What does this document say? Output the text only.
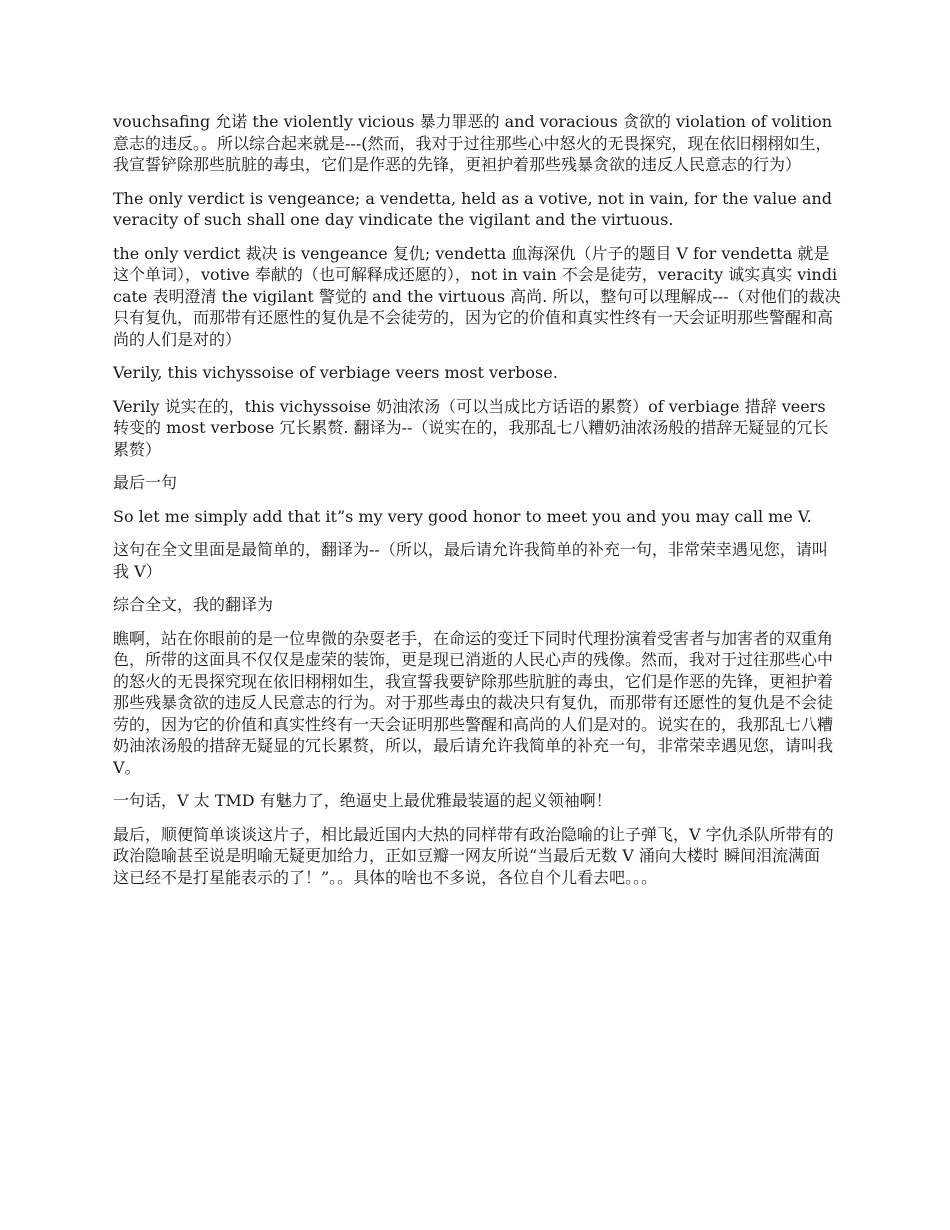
vouchsafing 允诺 the violently vicious 暴力罪恶的 and voracious 贪欲的 violation of volition 意志的违反。。所以综合起来就是---(然而，我对于过往那些心中怒火的无畏探究，现在依旧栩栩如生，我宣誓铲除那些肮脏的毒虫，它们是作恶的先锋，更袒护着那些残暴贪欲的违反人民意志的行为）

The only verdict is vengeance; a vendetta, held as a votive, not in vain, for the value and veracity of such shall one day vindicate the vigilant and the virtuous.

the only verdict 裁决 is vengeance 复仇; vendetta 血海深仇（片子的题目 V for vendetta 就是这个单词），votive 奉献的（也可解释成还愿的），not in vain 不会是徒劳，veracity 诚实真实 vindicate 表明澄清 the vigilant 警觉的 and the virtuous 高尚. 所以，整句可以理解成---（对他们的裁决只有复仇，而那带有还愿性的复仇是不会徒劳的，因为它的价值和真实性终有一天会证明那些警醒和高尚的人们是对的）

Verily, this vichyssoise of verbiage veers most verbose.

Verily 说实在的，this vichyssoise 奶油浓汤（可以当成比方话语的累赘）of verbiage 措辞 veers 转变的 most verbose 冗长累赘. 翻译为--（说实在的，我那乱七八糟奶油浓汤般的措辞无疑显的冗长累赘）

最后一句

So let me simply add that it”s my very good honor to meet you and you may call me V.

这句在全文里面是最简单的，翻译为--（所以，最后请允许我简单的补充一句，非常荣幸遇见您，请叫我 V）

综合全文，我的翻译为

瞧啊，站在你眼前的是一位卑微的杂耍老手，在命运的变迁下同时代理扮演着受害者与加害者的双重角色，所带的这面具不仅仅是虚荣的装饰，更是现已消逝的人民心声的残像。然而，我对于过往那些心中的怒火的无畏探究现在依旧栩栩如生，我宣誓我要铲除那些肮脏的毒虫，它们是作恶的先锋，更袒护着那些残暴贪欲的违反人民意志的行为。对于那些毒虫的裁决只有复仇，而那带有还愿性的复仇是不会徒劳的，因为它的价值和真实性终有一天会证明那些警醒和高尚的人们是对的。说实在的，我那乱七八糟奶油浓汤般的措辞无疑显的冗长累赘，所以，最后请允许我简单的补充一句，非常荣幸遇见您，请叫我 V。

一句话，V 太 TMD 有魅力了，绝逼史上最优雅最装逼的起义领袖啊！

最后，顺便简单谈谈这片子，相比最近国内大热的同样带有政治隐喻的让子弹飞，V 字仇杀队所带有的政治隐喻甚至说是明喻无疑更加给力，正如豆瓣一网友所说“当最后无数 V 涌向大楼时 瞬间泪流满面 这已经不是打星能表示的了！”。。具体的啥也不多说，各位自个儿看去吧。。。
